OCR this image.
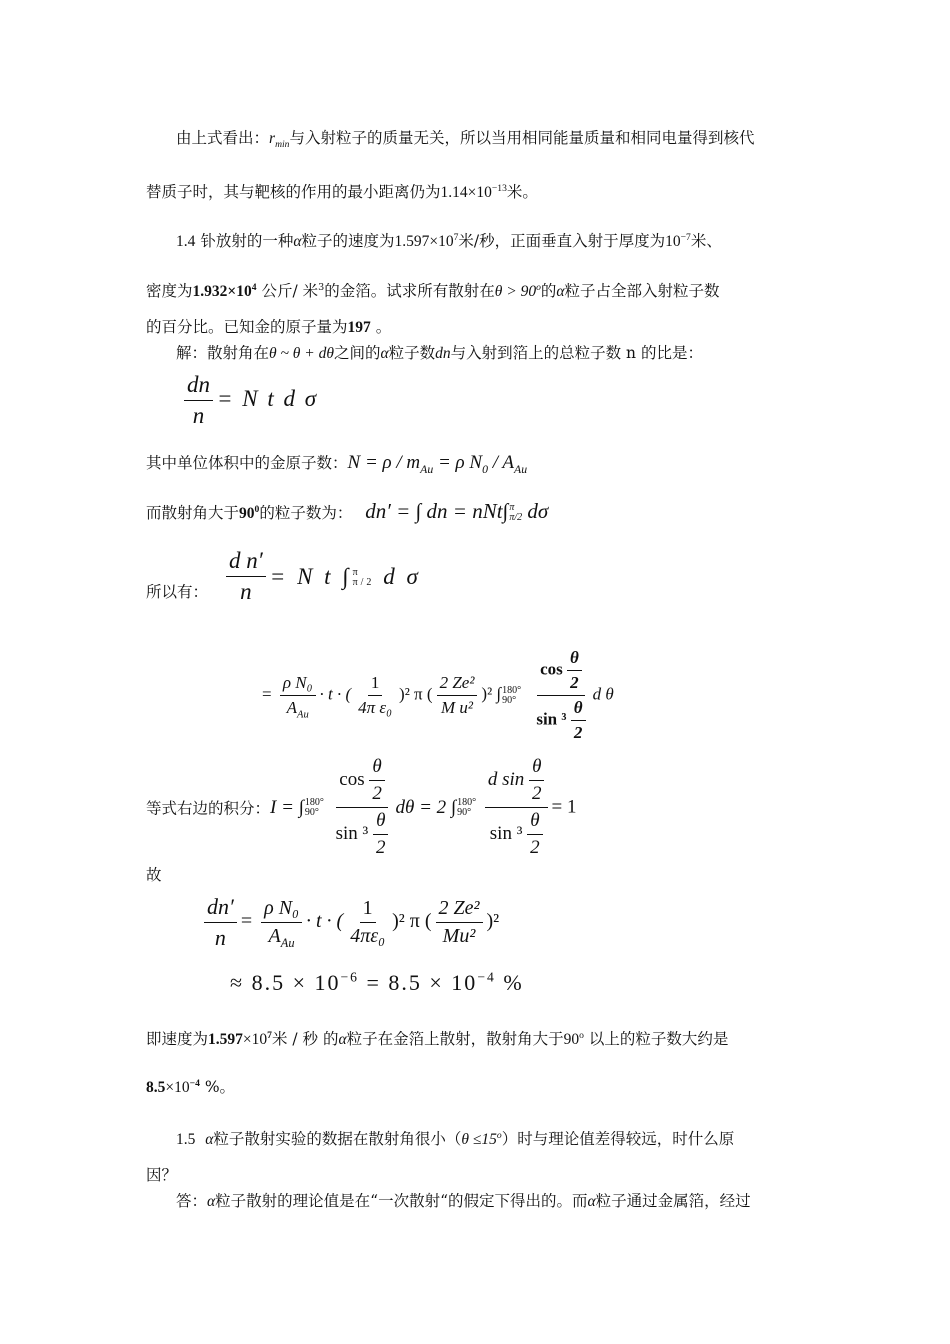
由上式看出：$r_{min}$与入射粒子的质量无关，所以当用相同能量质量和相同电量得到核代
替质子时，其与靶核的作用的最小距离仍为$1.14\times 10^{-13}$米。
1.4 钋放射的一种α粒子的速度为$1.597\times 10^7$米/秒，正面垂直入射于厚度为$10^{-7}$米、
密度为$1.932\times 10^4$ 公斤/ 米$^3$的金箔。试求所有散射在$\theta > 90^o$的α粒子占全部入射粒子数
的百分比。已知金的原子量为197 。
解：散射角在θ ~ θ + dθ之间的α粒子数dn与入射到箔上的总粒子数 n 的比是：
$\frac{dn}{n} = N$ t d σ
其中单位体积中的金原子数：$N = \rho / m_{Au} = \rho$ $N_0 / A_{Au}$
而散射角大于$90^0$的粒子数为： dn′ = ∫ dn = nNt∫ π
π/2 dσ
所以有： $\frac{\text{d n′}}{n} = N$ t ∫ π
π/2 d σ
= $\frac{\text{ρ N₀}}{A_{Au}} \cdot t$ · ( $\frac{1}{\text{4π ε₀}} )^2$ π ( $\frac{\text{2 Ze²}}{\text{M u²}} )^2$ ∫ 180°
90°
$\frac{\cos \frac{\theta}{2}}{\sin ^3 \frac{\theta}{2}}$ d θ
等式右边的积分：I = ∫ 180°
90°
$\frac{\cos \frac{\theta}{2}}{\sin ^3 \frac{\theta}{2}}$ dθ = 2 ∫ 180°
90°
$\frac{d \sin \frac{\theta}{2}}{\sin ^3 \frac{\theta}{2}} = 1$
故
$\frac{dn'}{n} = \frac{\text{ρ N₀}}{A_{Au}} \cdot t$ · ( $\frac{1}{\text{4πε₀}} )^2$ π ( $\frac{\text{2 Ze²}}{\text{Mu²}} )^2$
≈ $8.5 \times 10^{-6} = 8.5 \times 10^{-4}$ %
即速度为$1.597\times 10^7$米 / 秒 的α粒子在金箔上散射，散射角大于90$^o$ 以上的粒子数大约是
$8.5\times 10^{-4}$ %。
1.5 α粒子散射实验的数据在散射角很小$(\theta \le 15^o)$时与理论值差得较远，时什么原
因？
答：α粒子散射的理论值是在“一次散射“的假定下得出的。而α粒子通过金属箔，经过
